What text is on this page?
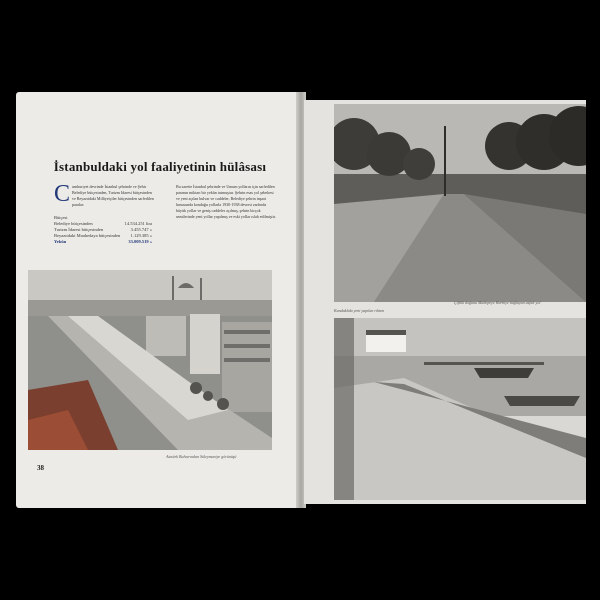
İstanbuldaki yol faaliyetinin hülâsası
C umhuriyet devrinde İstanbul şehrinde ve Şehir Belediye bütçesinden, Turizm Idaresi bütçesinden ve Beyazıtdaki Milliyetçiler bütçesinden sarfedilen paralar:
Bütçesi
Belediye bütçesinden	14.534.251 lira
Turizm İdaresi bütçesinden	3.455.747 »
Beyazıtdaki Muahedaya bütçesinden 1.129.385 »
Yekûn	33.009.519 »
Bu sarette İstanbul şehrinde ve Umum yolların için sarfedilen paranın miktarı bir yekûn tutmuştur. Şehrin esas yol şebekesi ve yeni açılan bulvar ve caddeler, Belediye şehrin inşaat hususunda konduğu yollarla 1930-1938 devresi zarfında büyük yollar ve geniş caddeler açılmış, şehrin birçok semtlerinde yeni yollar yapılmış ve eski yollar ıslah edilmiştir.
Atatürk Bulvarından Süleymaniye görünüşü
38
Kandaklıda yeni yapılan rıhtım
Çiftlik doğunu Maltepeye Harbiye bağlayan asfalt yol
